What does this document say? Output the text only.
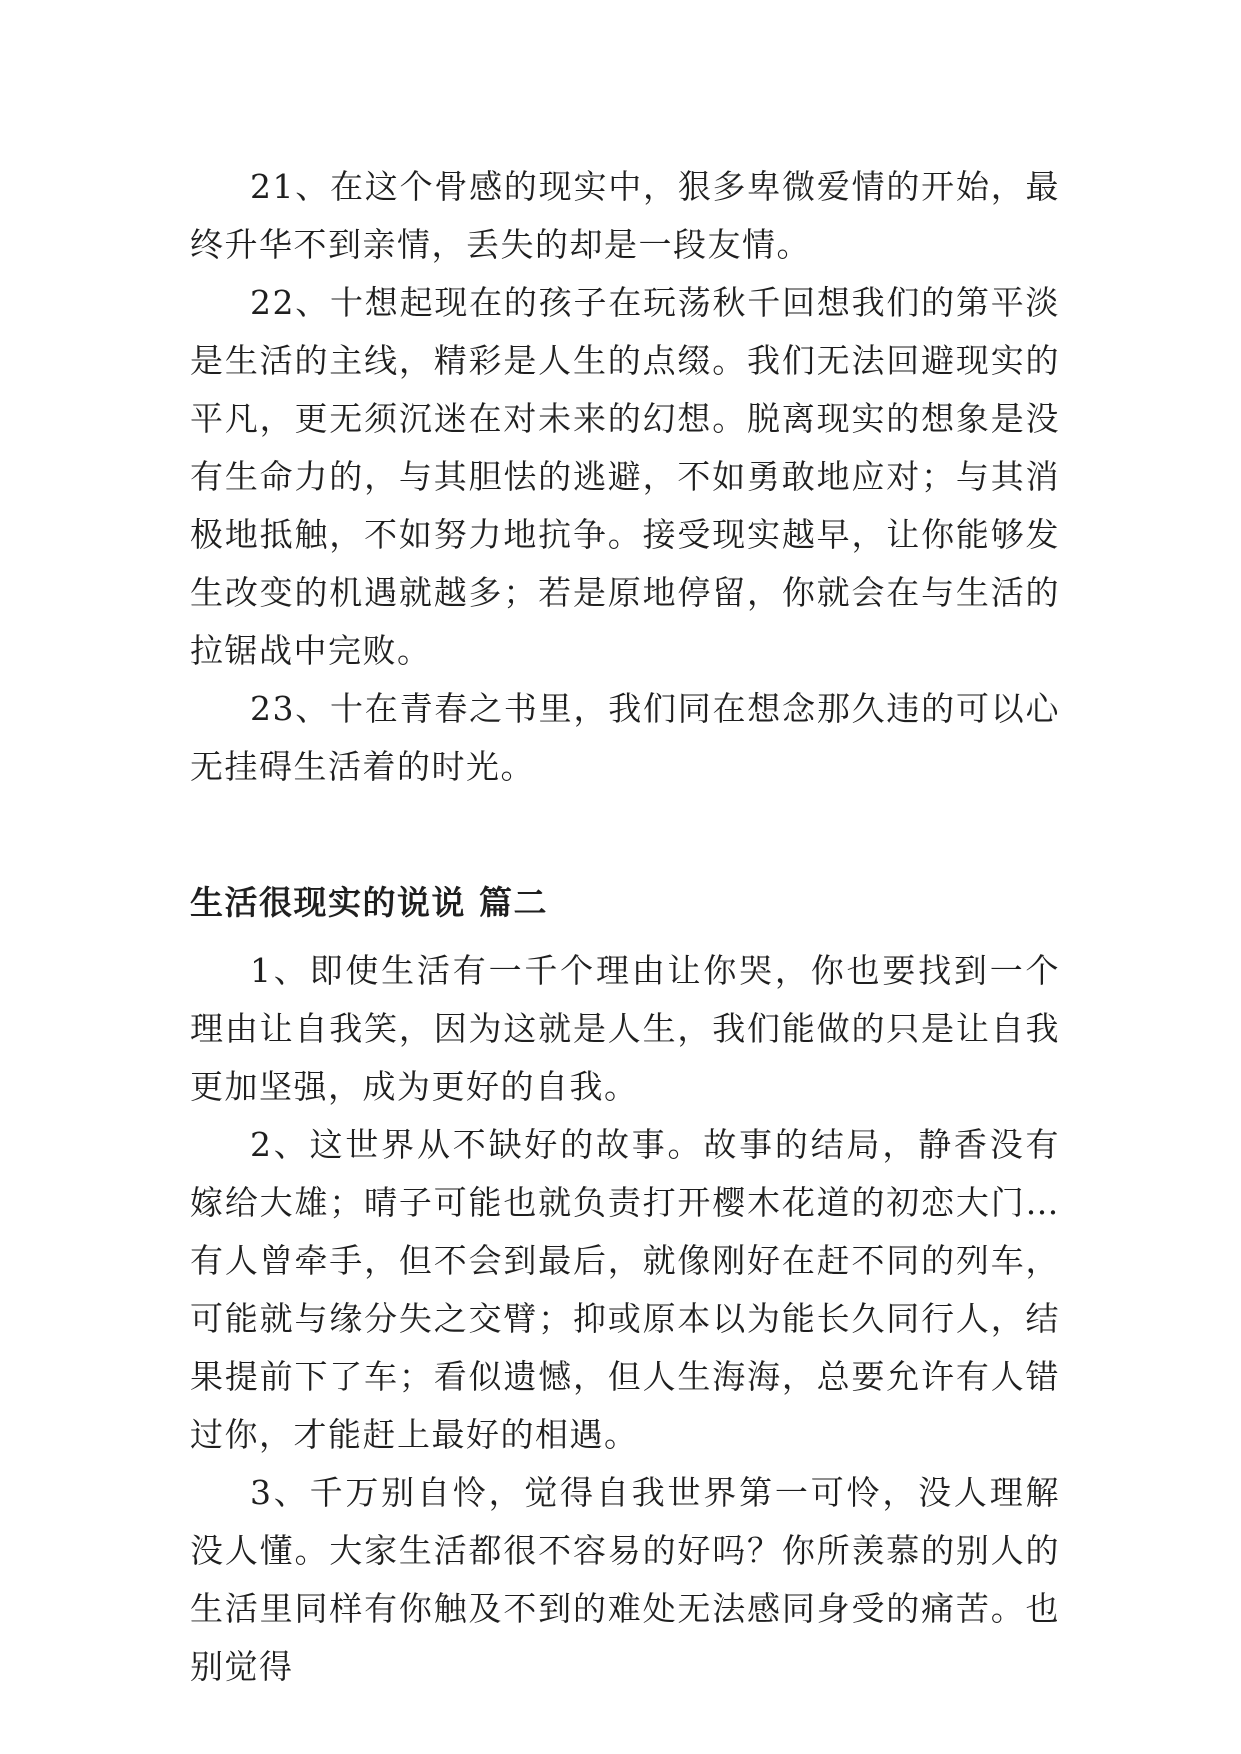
21、在这个骨感的现实中，狠多卑微爱情的开始，最终升华不到亲情，丢失的却是一段友情。

22、十想起现在的孩子在玩荡秋千回想我们的第平淡是生活的主线，精彩是人生的点缀。我们无法回避现实的平凡，更无须沉迷在对未来的幻想。脱离现实的想象是没有生命力的，与其胆怯的逃避，不如勇敢地应对；与其消极地抵触，不如努力地抗争。接受现实越早，让你能够发生改变的机遇就越多；若是原地停留，你就会在与生活的拉锯战中完败。

23、十在青春之书里，我们同在想念那久违的可以心无挂碍生活着的时光。

生活很现实的说说 篇二

1、即使生活有一千个理由让你哭，你也要找到一个理由让自我笑，因为这就是人生，我们能做的只是让自我更加坚强，成为更好的自我。

2、这世界从不缺好的故事。故事的结局，静香没有嫁给大雄；晴子可能也就负责打开樱木花道的初恋大门…有人曾牵手，但不会到最后，就像刚好在赶不同的列车，可能就与缘分失之交臂；抑或原本以为能长久同行人，结果提前下了车；看似遗憾，但人生海海，总要允许有人错过你，才能赶上最好的相遇。

3、千万别自怜，觉得自我世界第一可怜，没人理解没人懂。大家生活都很不容易的好吗？你所羡慕的别人的生活里同样有你触及不到的难处无法感同身受的痛苦。也别觉得
